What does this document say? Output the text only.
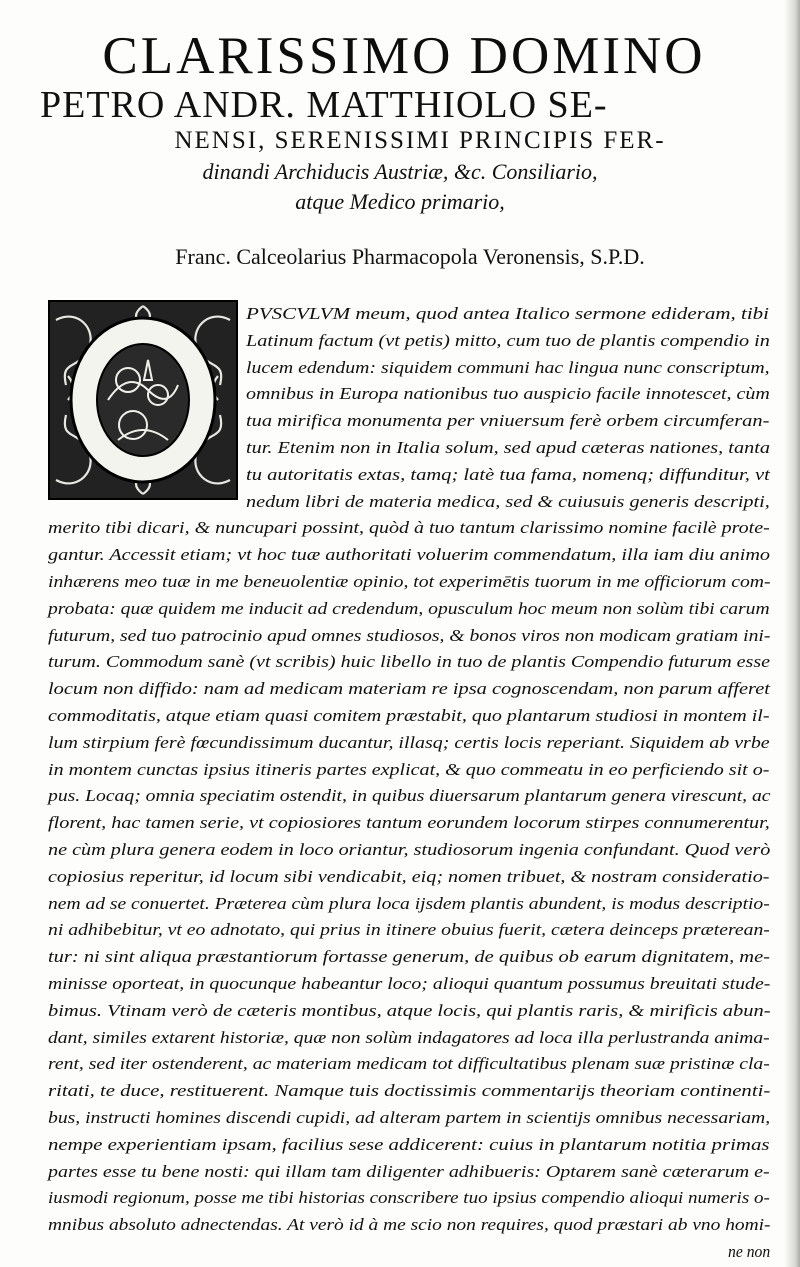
CLARISSIMO DOMINO
PETRO ANDR. MATTHIOLO SE-
NENSI, SERENISSIMI PRINCIPIS FER-
dinandi Archiducis Austriæ, &c. Consiliario,
atque Medico primario,
Franc. Calceolarius Pharmacopola Veronensis, S.P.D.
PVSCVLVM meum, quod antea Italico sermone edideram, tibi
Latinum factum (vt petis) mitto, cum tuo de plantis compendio in
lucem edendum: siquidem communi hac lingua nunc conscriptum,
omnibus in Europa nationibus tuo auspicio facile innotescet, cùm
tua mirifica monumenta per vniuersum ferè orbem circumferan-
tur. Etenim non in Italia solum, sed apud cæteras nationes, tanta
tu autoritatis extas, tamq; latè tua fama, nomenq; diffunditur, vt
nedum libri de materia medica, sed & cuiusuis generis descripti,
merito tibi dicari, & nuncupari possint, quòd à tuo tantum clarissimo nomine facilè prote-
gantur. Accessit etiam; vt hoc tuæ authoritati voluerim commendatum, illa iam diu animo
inhærens meo tuæ in me beneuolentiæ opinio, tot experimētis tuorum in me officiorum com-
probata: quæ quidem me inducit ad credendum, opusculum hoc meum non solùm tibi carum
futurum, sed tuo patrocinio apud omnes studiosos, & bonos viros non modicam gratiam ini-
turum. Commodum sanè (vt scribis) huic libello in tuo de plantis Compendio futurum esse
locum non diffido: nam ad medicam materiam re ipsa cognoscendam, non parum afferet
commoditatis, atque etiam quasi comitem præstabit, quo plantarum studiosi in montem il-
lum stirpium ferè fœcundissimum ducantur, illasq; certis locis reperiant. Siquidem ab vrbe
in montem cunctas ipsius itineris partes explicat, & quo commeatu in eo perficiendo sit o-
pus. Locaq; omnia speciatim ostendit, in quibus diuersarum plantarum genera virescunt, ac
florent, hac tamen serie, vt copiosiores tantum eorundem locorum stirpes connumerentur,
ne cùm plura genera eodem in loco oriantur, studiosorum ingenia confundant. Quod verò
copiosius reperitur, id locum sibi vendicabit, eiq; nomen tribuet, & nostram consideratio-
nem ad se conuertet. Præterea cùm plura loca ijsdem plantis abundent, is modus descriptio-
ni adhibebitur, vt eo adnotato, qui prius in itinere obuius fuerit, cætera deinceps præterean-
tur: ni sint aliqua præstantiorum fortasse generum, de quibus ob earum dignitatem, me-
minisse oporteat, in quocunque habeantur loco; alioqui quantum possumus breuitati stude-
bimus. Vtinam verò de cæteris montibus, atque locis, qui plantis raris, & mirificis abun-
dant, similes extarent historiæ, quæ non solùm indagatores ad loca illa perlustranda anima-
rent, sed iter ostenderent, ac materiam medicam tot difficultatibus plenam suæ pristinæ cla-
ritati, te duce, restituerent. Namque tuis doctissimis commentarijs theoriam continenti-
bus, instructi homines discendi cupidi, ad alteram partem in scientijs omnibus necessariam,
nempe experientiam ipsam, facilius sese addicerent: cuius in plantarum notitia primas
partes esse tu bene nosti: qui illam tam diligenter adhibueris: Optarem sanè cæterarum e-
iusmodi regionum, posse me tibi historias conscribere tuo ipsius compendio alioqui numeris o-
mnibus absoluto adnectendas. At verò id à me scio non requires, quod præstari ab vno homi-
ne non
